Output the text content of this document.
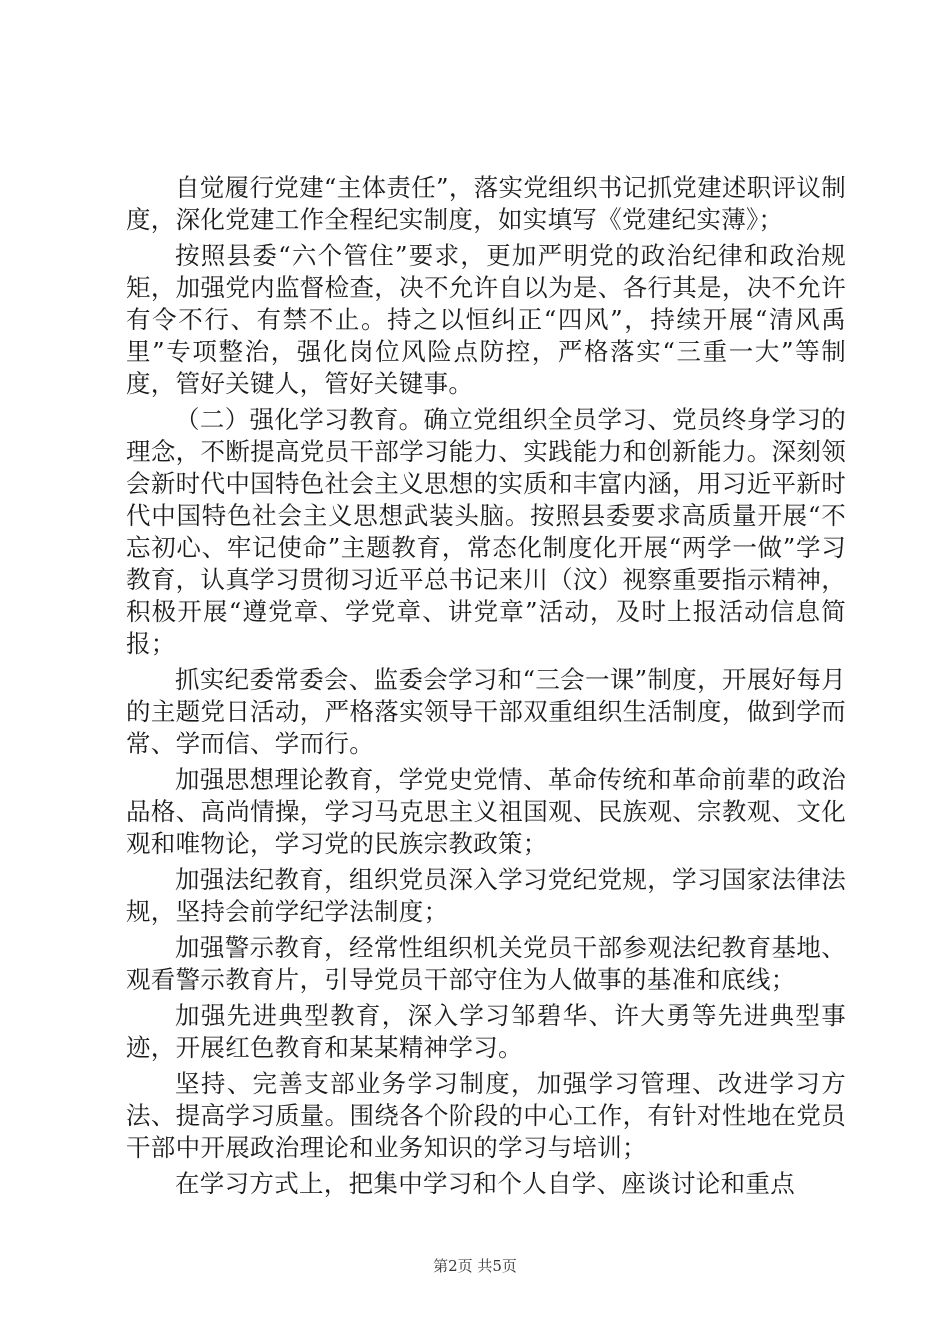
自觉履行党建“主体责任”，落实党组织书记抓党建述职评议制度，深化党建工作全程纪实制度，如实填写《党建纪实薄》；

按照县委“六个管住”要求，更加严明党的政治纪律和政治规矩，加强党内监督检查，决不允许自以为是、各行其是，决不允许有令不行、有禁不止。持之以恒纠正“四风”，持续开展“清风禹里”专项整治，强化岗位风险点防控，严格落实“三重一大”等制度，管好关键人，管好关键事。

（二）强化学习教育。确立党组织全员学习、党员终身学习的理念，不断提高党员干部学习能力、实践能力和创新能力。深刻领会新时代中国特色社会主义思想的实质和丰富内涵，用习近平新时代中国特色社会主义思想武装头脑。按照县委要求高质量开展“不忘初心、牢记使命”主题教育，常态化制度化开展“两学一做”学习教育，认真学习贯彻习近平总书记来川（汶）视察重要指示精神，积极开展“遵党章、学党章、讲党章”活动，及时上报活动信息简报；

抓实纪委常委会、监委会学习和“三会一课”制度，开展好每月的主题党日活动，严格落实领导干部双重组织生活制度，做到学而常、学而信、学而行。

加强思想理论教育，学党史党情、革命传统和革命前辈的政治品格、高尚情操，学习马克思主义祖国观、民族观、宗教观、文化观和唯物论，学习党的民族宗教政策；

加强法纪教育，组织党员深入学习党纪党规，学习国家法律法规，坚持会前学纪学法制度；

加强警示教育，经常性组织机关党员干部参观法纪教育基地、观看警示教育片，引导党员干部守住为人做事的基准和底线；

加强先进典型教育，深入学习邹碧华、许大勇等先进典型事迹，开展红色教育和某某精神学习。

坚持、完善支部业务学习制度，加强学习管理、改进学习方法、提高学习质量。围绕各个阶段的中心工作，有针对性地在党员干部中开展政治理论和业务知识的学习与培训；

在学习方式上，把集中学习和个人自学、座谈讨论和重点

第2页 共5页
